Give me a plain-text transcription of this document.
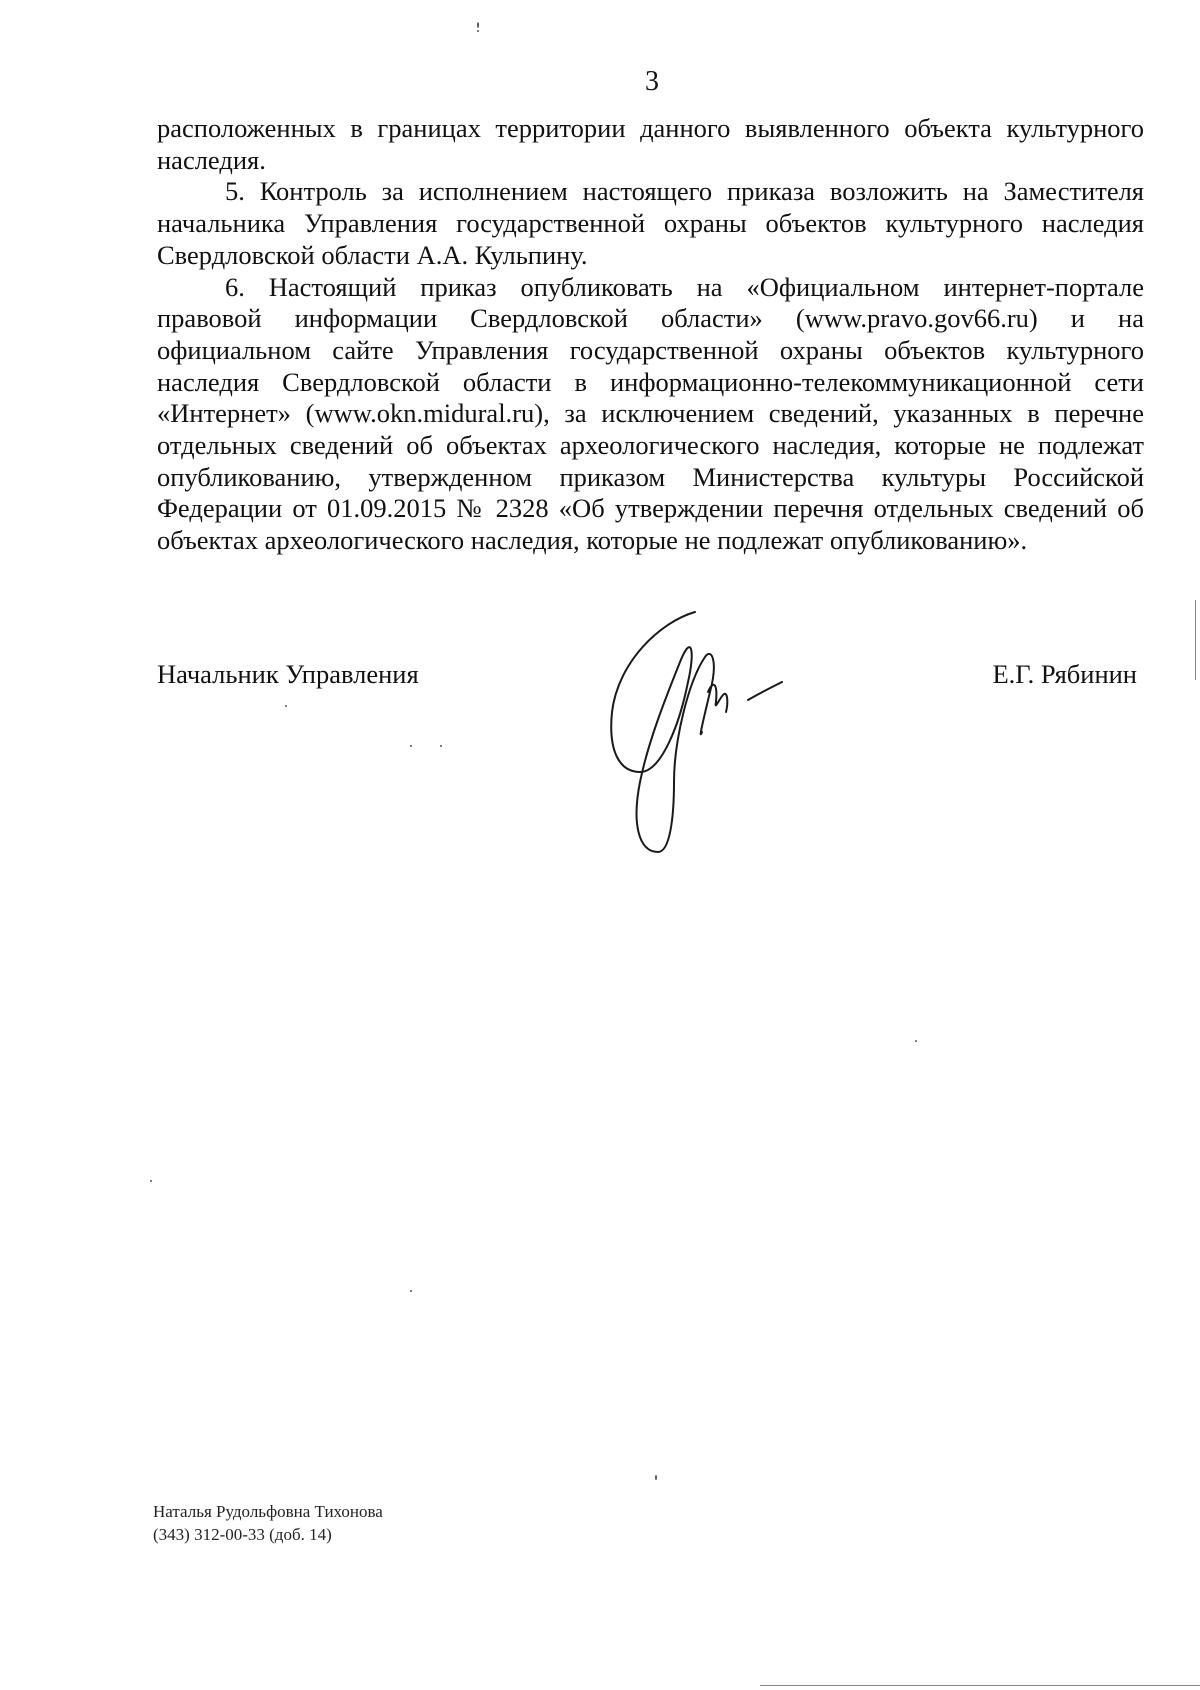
3

расположенных в границах территории данного выявленного объекта культурного наследия.

5. Контроль за исполнением настоящего приказа возложить на Заместителя начальника Управления государственной охраны объектов культурного наследия Свердловской области А.А. Кульпину.

6. Настоящий приказ опубликовать на «Официальном интернет-портале правовой информации Свердловской области» (www.pravo.gov66.ru) и на официальном сайте Управления государственной охраны объектов культурного наследия Свердловской области в информационно-телекоммуникационной сети «Интернет» (www.okn.midural.ru), за исключением сведений, указанных в перечне отдельных сведений об объектах археологического наследия, которые не подлежат опубликованию, утвержденном приказом Министерства культуры Российской Федерации от 01.09.2015 № 2328 «Об утверждении перечня отдельных сведений об объектах археологического наследия, которые не подлежат опубликованию».

Начальник Управления	Е.Г. Рябинин
Наталья Рудольфовна Тихонова
(343) 312-00-33 (доб. 14)
